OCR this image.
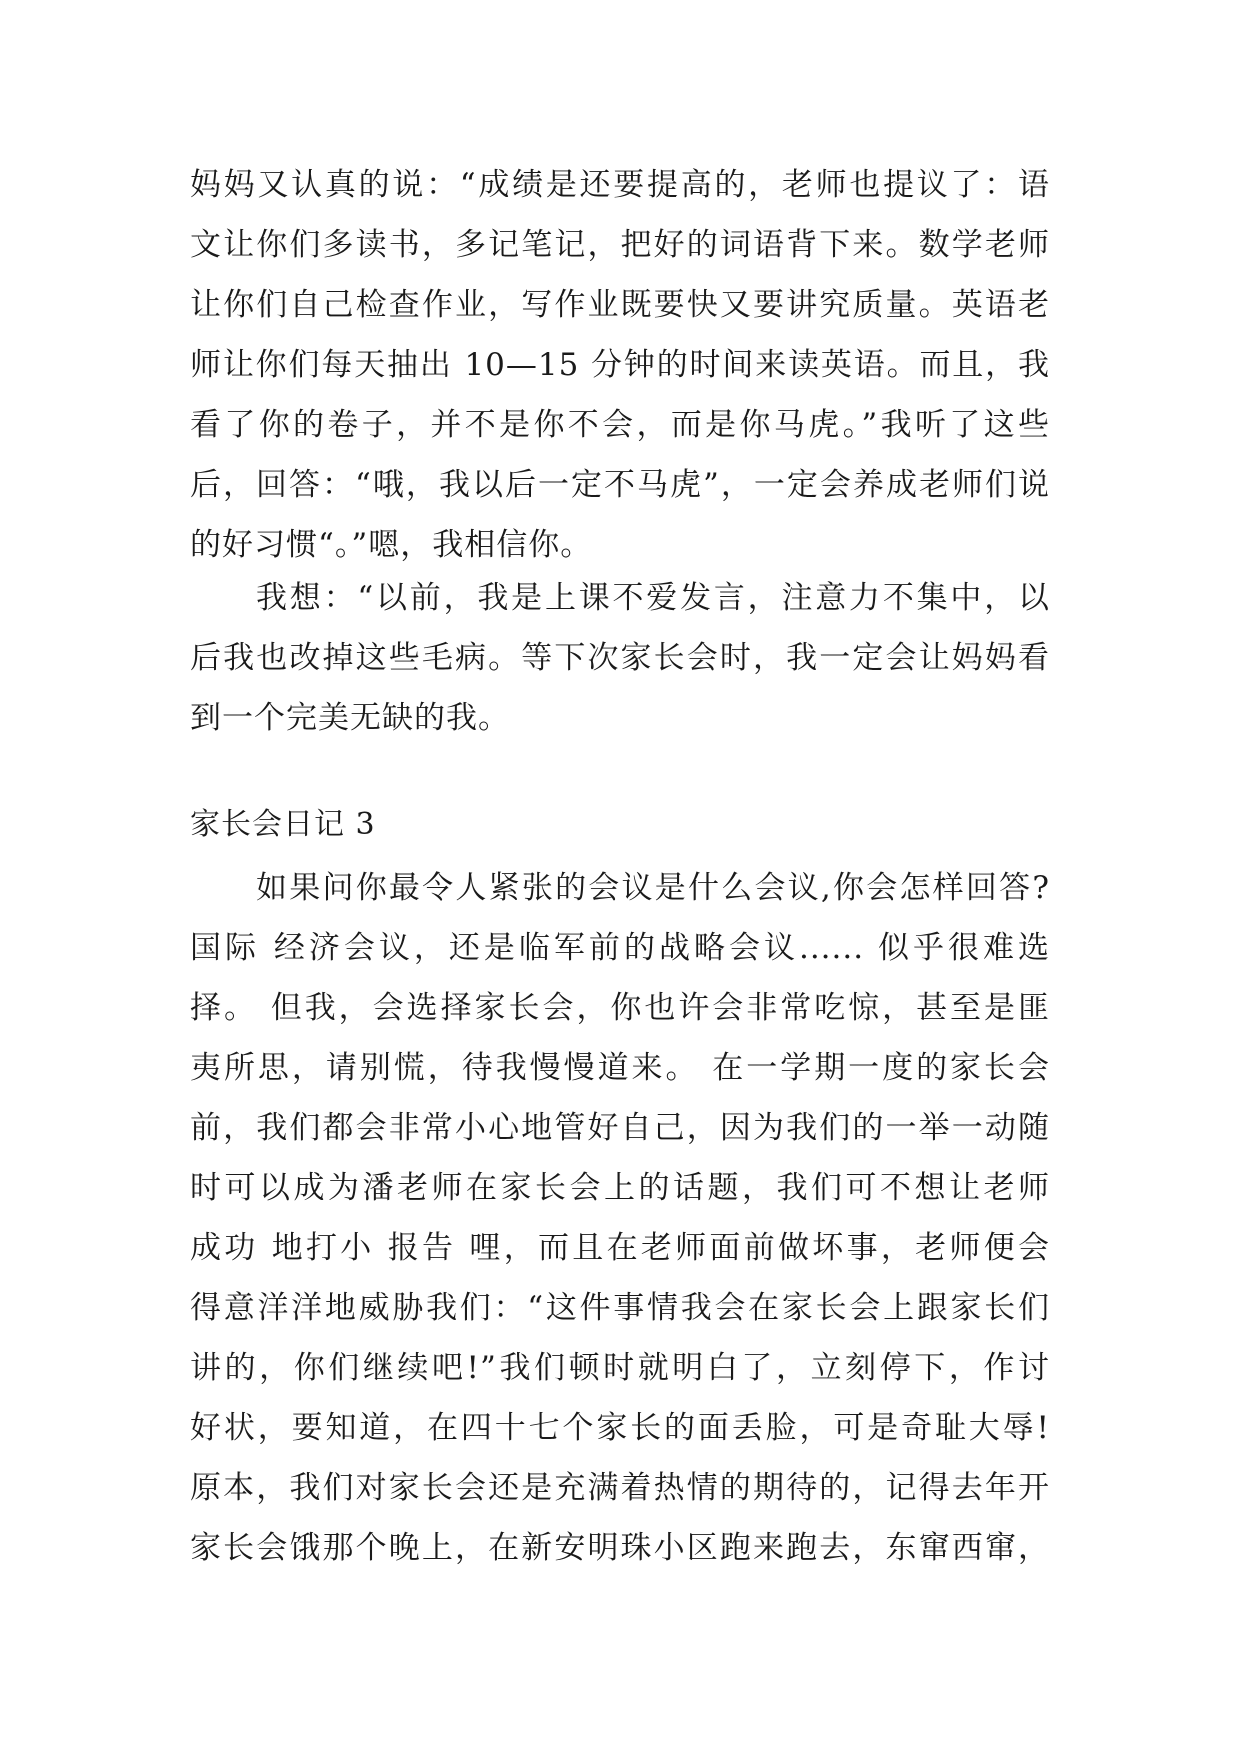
妈妈又认真的说：“成绩是还要提高的，老师也提议了：语
文让你们多读书，多记笔记，把好的词语背下来。数学老师
让你们自己检查作业，写作业既要快又要讲究质量。英语老
师让你们每天抽出 10—15 分钟的时间来读英语。而且，我
看了你的卷子，并不是你不会，而是你马虎。”我听了这些
后，回答：“哦，我以后一定不马虎”，一定会养成老师们说
的好习惯“。”嗯，我相信你。
我想：“以前，我是上课不爱发言，注意力不集中，以
后我也改掉这些毛病。等下次家长会时，我一定会让妈妈看
到一个完美无缺的我。
家长会日记 3
如果问你最令人紧张的会议是什么会议,你会怎样回答?
国际 经济会议，还是临军前的战略会议...... 似乎很难选
择。 但我，会选择家长会，你也许会非常吃惊，甚至是匪
夷所思，请别慌，待我慢慢道来。 在一学期一度的家长会
前，我们都会非常小心地管好自己，因为我们的一举一动随
时可以成为潘老师在家长会上的话题，我们可不想让老师
成功 地打小 报告 哩，而且在老师面前做坏事，老师便会
得意洋洋地威胁我们：“这件事情我会在家长会上跟家长们
讲的，你们继续吧!”我们顿时就明白了，立刻停下，作讨
好状，要知道，在四十七个家长的面丢脸，可是奇耻大辱!
原本，我们对家长会还是充满着热情的期待的，记得去年开
家长会饿那个晚上，在新安明珠小区跑来跑去，东窜西窜，
